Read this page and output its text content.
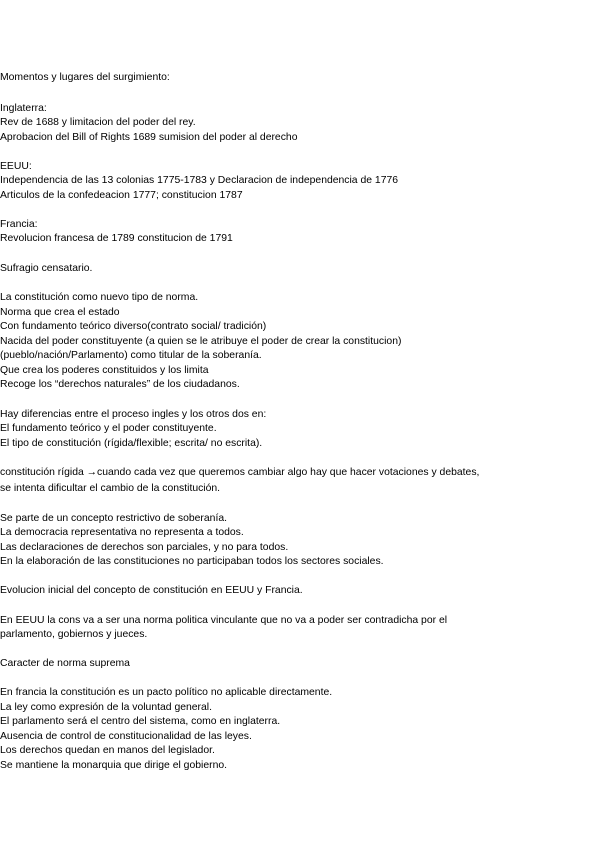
Momentos y lugares del surgimiento:
Inglaterra:
Rev de 1688 y limitacion del poder del rey.
Aprobacion del Bill of Rights 1689 sumision del poder al derecho
EEUU:
Independencia de las 13 colonias 1775-1783 y Declaracion de independencia de 1776
Articulos de la confedeacion 1777; constitucion 1787
Francia:
Revolucion francesa de 1789 constitucion de 1791
Sufragio censatario.
La constitución como nuevo tipo de norma.
Norma que crea el estado
Con fundamento teórico diverso(contrato social/ tradición)
Nacida del poder constituyente (a quien se le atribuye el poder de crear la constitucion)
(pueblo/nación/Parlamento) como titular de la soberanía.
Que crea los poderes constituidos y los limita
Recoge los “derechos naturales” de los ciudadanos.
Hay diferencias entre el proceso ingles y los otros dos en:
El fundamento teórico y el poder constituyente.
El tipo de constitución (rígida/flexible; escrita/ no escrita).
constitución rígida →cuando cada vez que queremos cambiar algo hay que hacer votaciones y debates,
se intenta dificultar el cambio de la constitución.
Se parte de un concepto restrictivo de soberanía.
La democracia representativa no representa a todos.
Las declaraciones de derechos son parciales, y no para todos.
En la elaboración de las constituciones no participaban todos los sectores sociales.
Evolucion inicial del concepto de constitución en EEUU y Francia.
En EEUU la cons va a ser una norma politica vinculante que no va a poder ser contradicha por el
parlamento, gobiernos y jueces.
Caracter de norma suprema
En francia la constitución es un pacto político no aplicable directamente.
La ley como expresión de la voluntad general.
El parlamento será el centro del sistema, como en inglaterra.
Ausencia de control de constitucionalidad de las leyes.
Los derechos quedan en manos del legislador.
Se mantiene la monarquia que dirige el gobierno.
